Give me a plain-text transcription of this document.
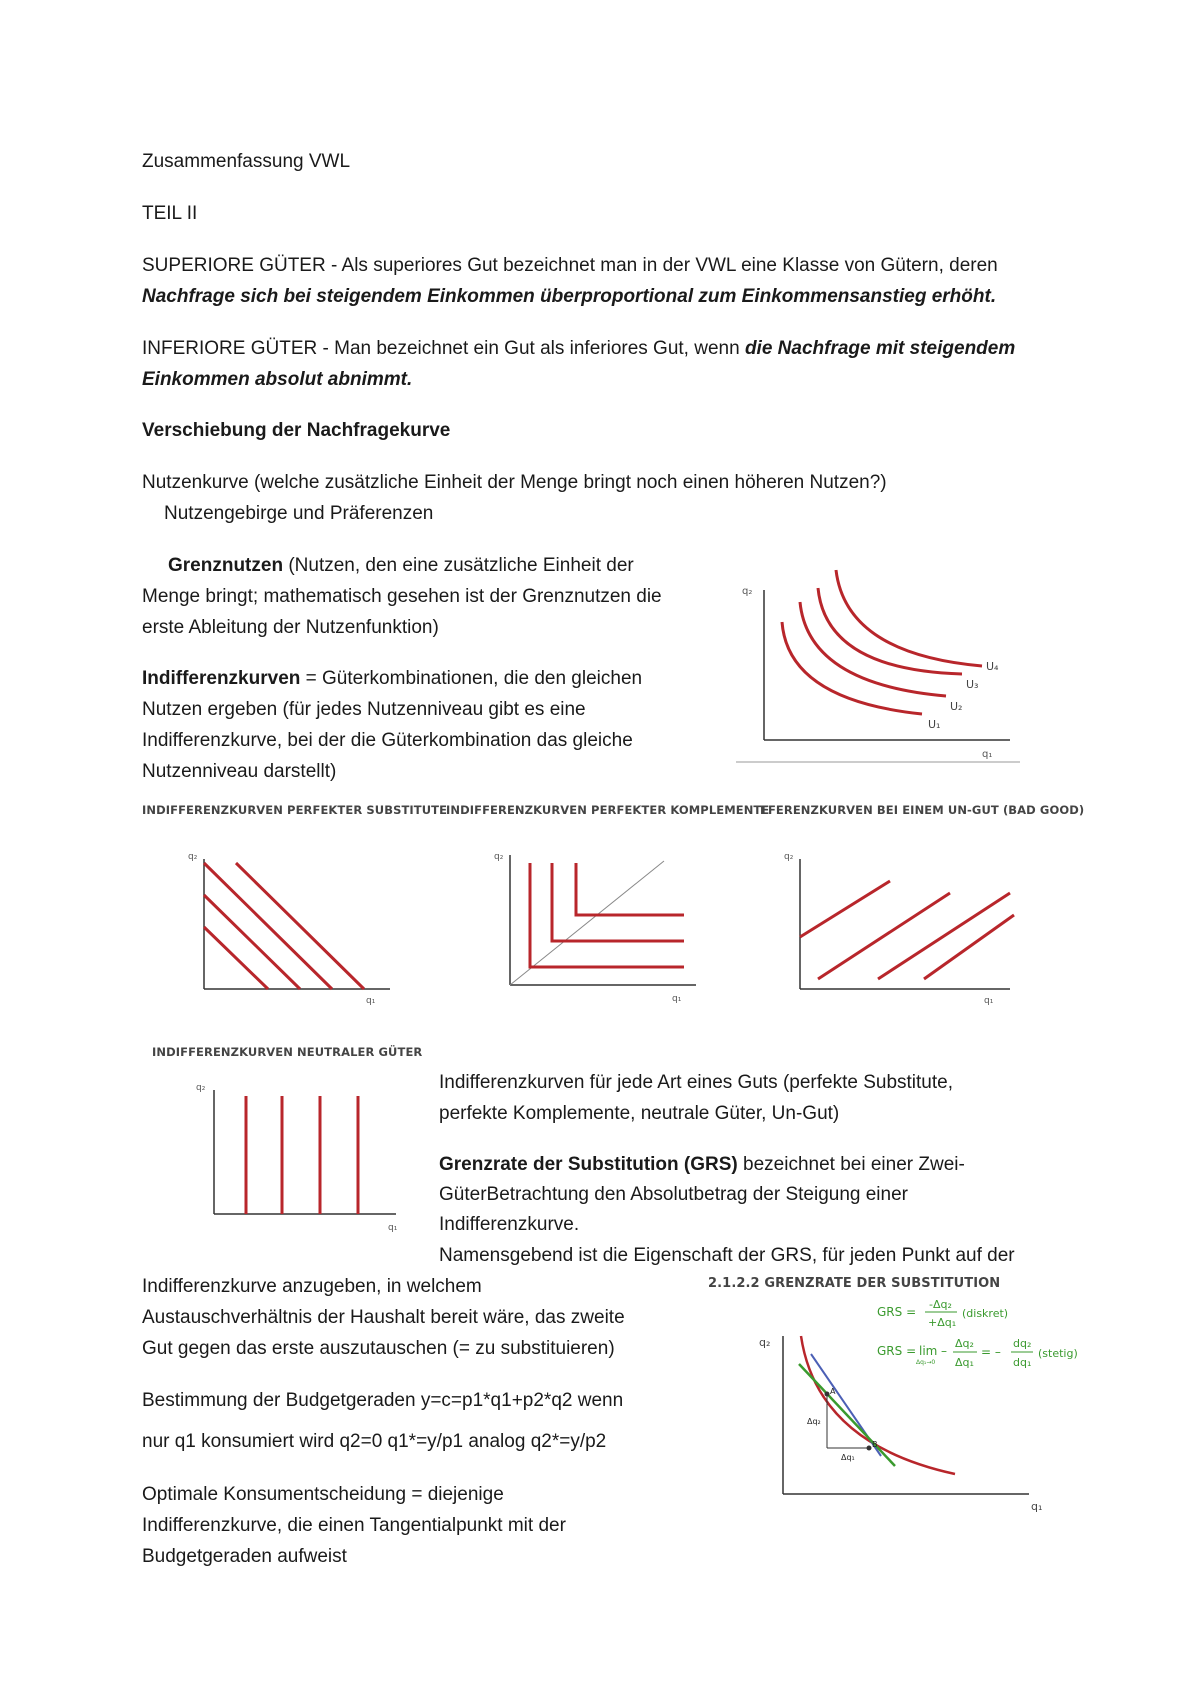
Zusammenfassung VWL
TEIL II
SUPERIORE GÜTER - Als superiores Gut bezeichnet man in der VWL eine Klasse von Gütern, deren
Nachfrage sich bei steigendem Einkommen überproportional zum Einkommensanstieg erhöht.
INFERIORE GÜTER - Man bezeichnet ein Gut als inferiores Gut, wenn die Nachfrage mit steigendem
Einkommen absolut abnimmt.
Verschiebung der Nachfragekurve
Nutzenkurve (welche zusätzliche Einheit der Menge bringt noch einen höheren Nutzen?)
Nutzengebirge und Präferenzen
Grenznutzen (Nutzen, den eine zusätzliche Einheit der
Menge bringt; mathematisch gesehen ist der Grenznutzen die
erste Ableitung der Nutzenfunktion)
Indifferenzkurven = Güterkombinationen, die den gleichen
Nutzen ergeben (für jedes Nutzenniveau gibt es eine
Indifferenzkurve, bei der die Güterkombination das gleiche
Nutzenniveau darstellt)
Indifferenzkurven für jede Art eines Guts (perfekte Substitute,
perfekte Komplemente, neutrale Güter, Un-Gut)
Grenzrate der Substitution (GRS) bezeichnet bei einer Zwei-
GüterBetrachtung den Absolutbetrag der Steigung einer
Indifferenzkurve.
Namensgebend ist die Eigenschaft der GRS, für jeden Punkt auf der
Indifferenzkurve anzugeben, in welchem
Austauschverhältnis der Haushalt bereit wäre, das zweite
Gut gegen das erste auszutauschen (= zu substituieren)
Bestimmung der Budgetgeraden y=c=p1*q1+p2*q2 wenn
nur q1 konsumiert wird q2=0 q1*=y/p1 analog q2*=y/p2
Optimale Konsumentscheidung = diejenige
Indifferenzkurve, die einen Tangentialpunkt mit der
Budgetgeraden aufweist
q₂
q₁
U₁
U₂
U₃
U₄
INDIFFERENZKURVEN PERFEKTER SUBSTITUTE
INDIFFERENZKURVEN PERFEKTER KOMPLEMENTE
FFERENZKURVEN BEI EINEM UN-GUT (BAD GOOD)
q₂
q₁
q₂
q₁
q₂
q₁
INDIFFERENZKURVEN NEUTRALER GÜTER
q₂
q₁
2.1.2.2 GRENZRATE DER SUBSTITUTION
GRS =
-Δq₂
+Δq₁
(diskret)
GRS = lim
Δq₁→0
–
Δq₂
Δq₁
= –
dq₂
dq₁
(stetig)
q₂
q₁
A
B
Δq₂
Δq₁
